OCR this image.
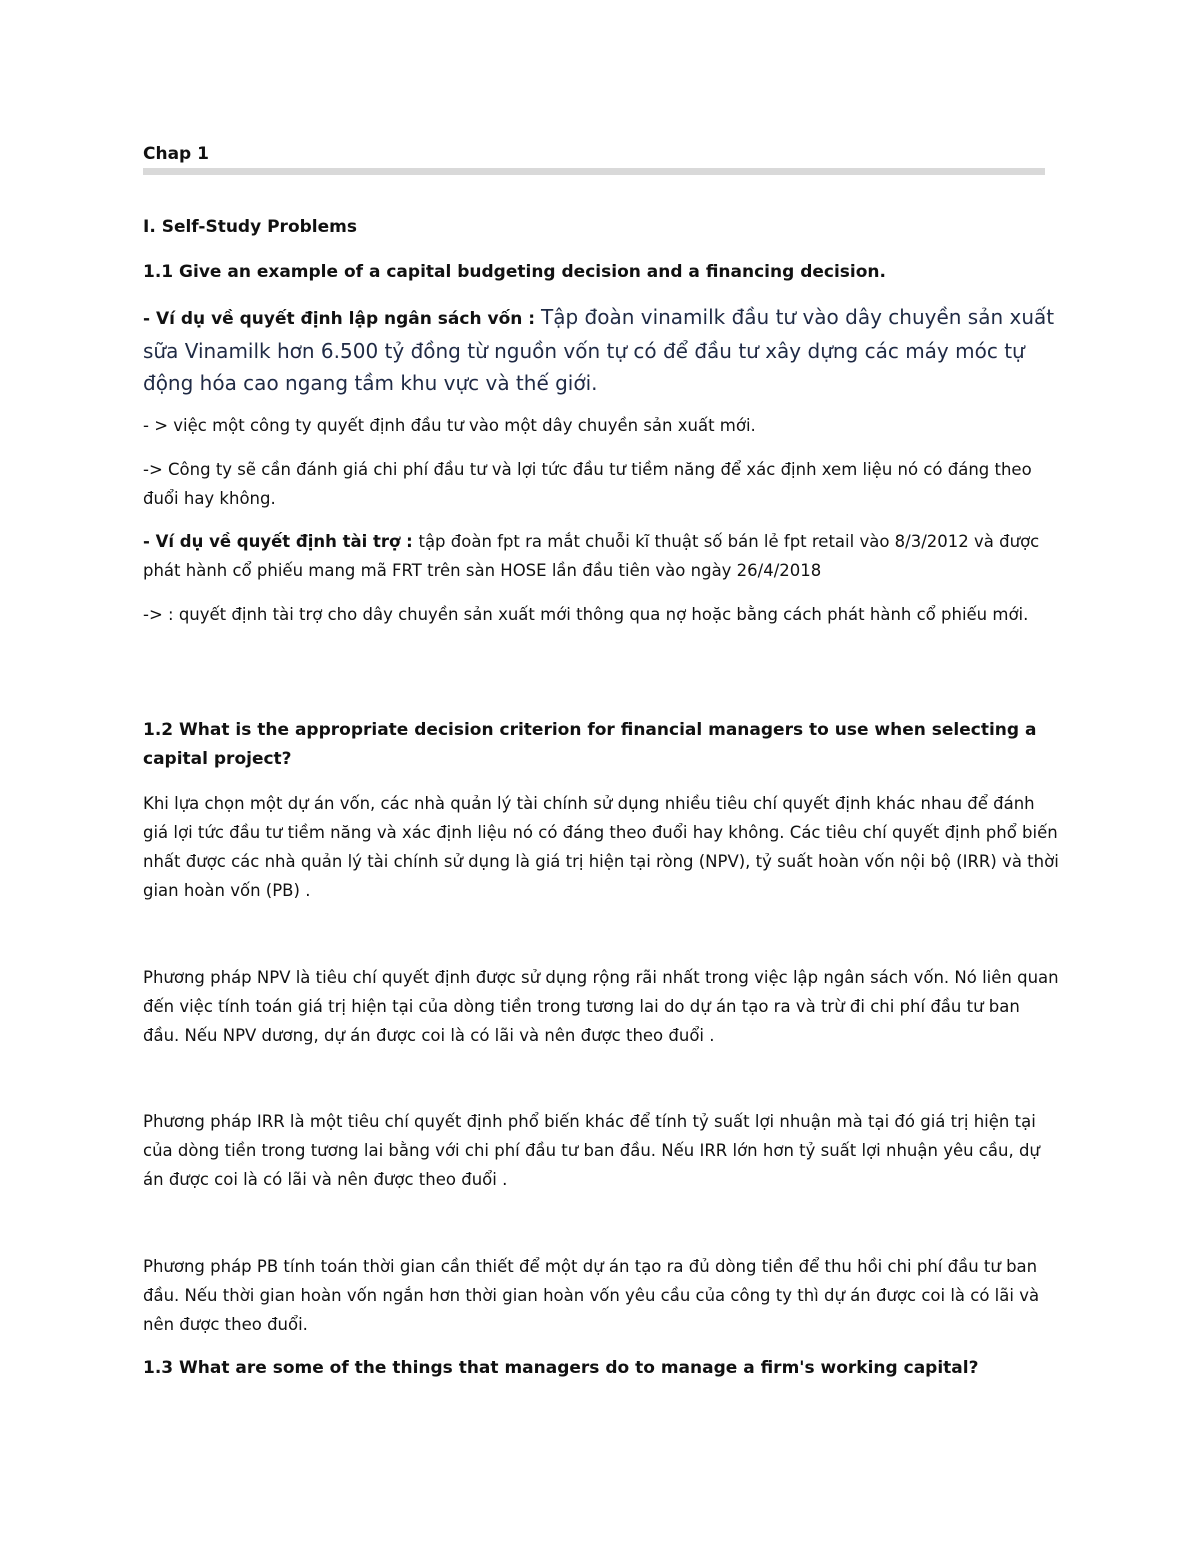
Chap 1

I. Self-Study Problems

1.1 Give an example of a capital budgeting decision and a financing decision.

- Ví dụ về quyết định lập ngân sách vốn : Tập đoàn vinamilk đầu tư vào dây chuyền sản xuất sữa Vinamilk hơn 6.500 tỷ đồng từ nguồn vốn tự có để đầu tư xây dựng các máy móc tự động hóa cao ngang tầm khu vực và thế giới.

- > việc một công ty quyết định đầu tư vào một dây chuyền sản xuất mới.

-> Công ty sẽ cần đánh giá chi phí đầu tư và lợi tức đầu tư tiềm năng để xác định xem liệu nó có đáng theo đuổi hay không.

- Ví dụ về quyết định tài trợ : tập đoàn fpt ra mắt chuỗi kĩ thuật số bán lẻ fpt retail vào 8/3/2012 và được phát hành cổ phiếu mang mã FRT trên sàn HOSE lần đầu tiên vào ngày 26/4/2018

-> : quyết định tài trợ cho dây chuyền sản xuất mới thông qua nợ hoặc bằng cách phát hành cổ phiếu mới.

1.2 What is the appropriate decision criterion for financial managers to use when selecting a capital project?

Khi lựa chọn một dự án vốn, các nhà quản lý tài chính sử dụng nhiều tiêu chí quyết định khác nhau để đánh giá lợi tức đầu tư tiềm năng và xác định liệu nó có đáng theo đuổi hay không. Các tiêu chí quyết định phổ biến nhất được các nhà quản lý tài chính sử dụng là giá trị hiện tại ròng (NPV), tỷ suất hoàn vốn nội bộ (IRR) và thời gian hoàn vốn (PB) .

Phương pháp NPV là tiêu chí quyết định được sử dụng rộng rãi nhất trong việc lập ngân sách vốn. Nó liên quan đến việc tính toán giá trị hiện tại của dòng tiền trong tương lai do dự án tạo ra và trừ đi chi phí đầu tư ban đầu. Nếu NPV dương, dự án được coi là có lãi và nên được theo đuổi .

Phương pháp IRR là một tiêu chí quyết định phổ biến khác để tính tỷ suất lợi nhuận mà tại đó giá trị hiện tại của dòng tiền trong tương lai bằng với chi phí đầu tư ban đầu. Nếu IRR lớn hơn tỷ suất lợi nhuận yêu cầu, dự án được coi là có lãi và nên được theo đuổi .

Phương pháp PB tính toán thời gian cần thiết để một dự án tạo ra đủ dòng tiền để thu hồi chi phí đầu tư ban đầu. Nếu thời gian hoàn vốn ngắn hơn thời gian hoàn vốn yêu cầu của công ty thì dự án được coi là có lãi và nên được theo đuổi.

1.3 What are some of the things that managers do to manage a firm's working capital?
